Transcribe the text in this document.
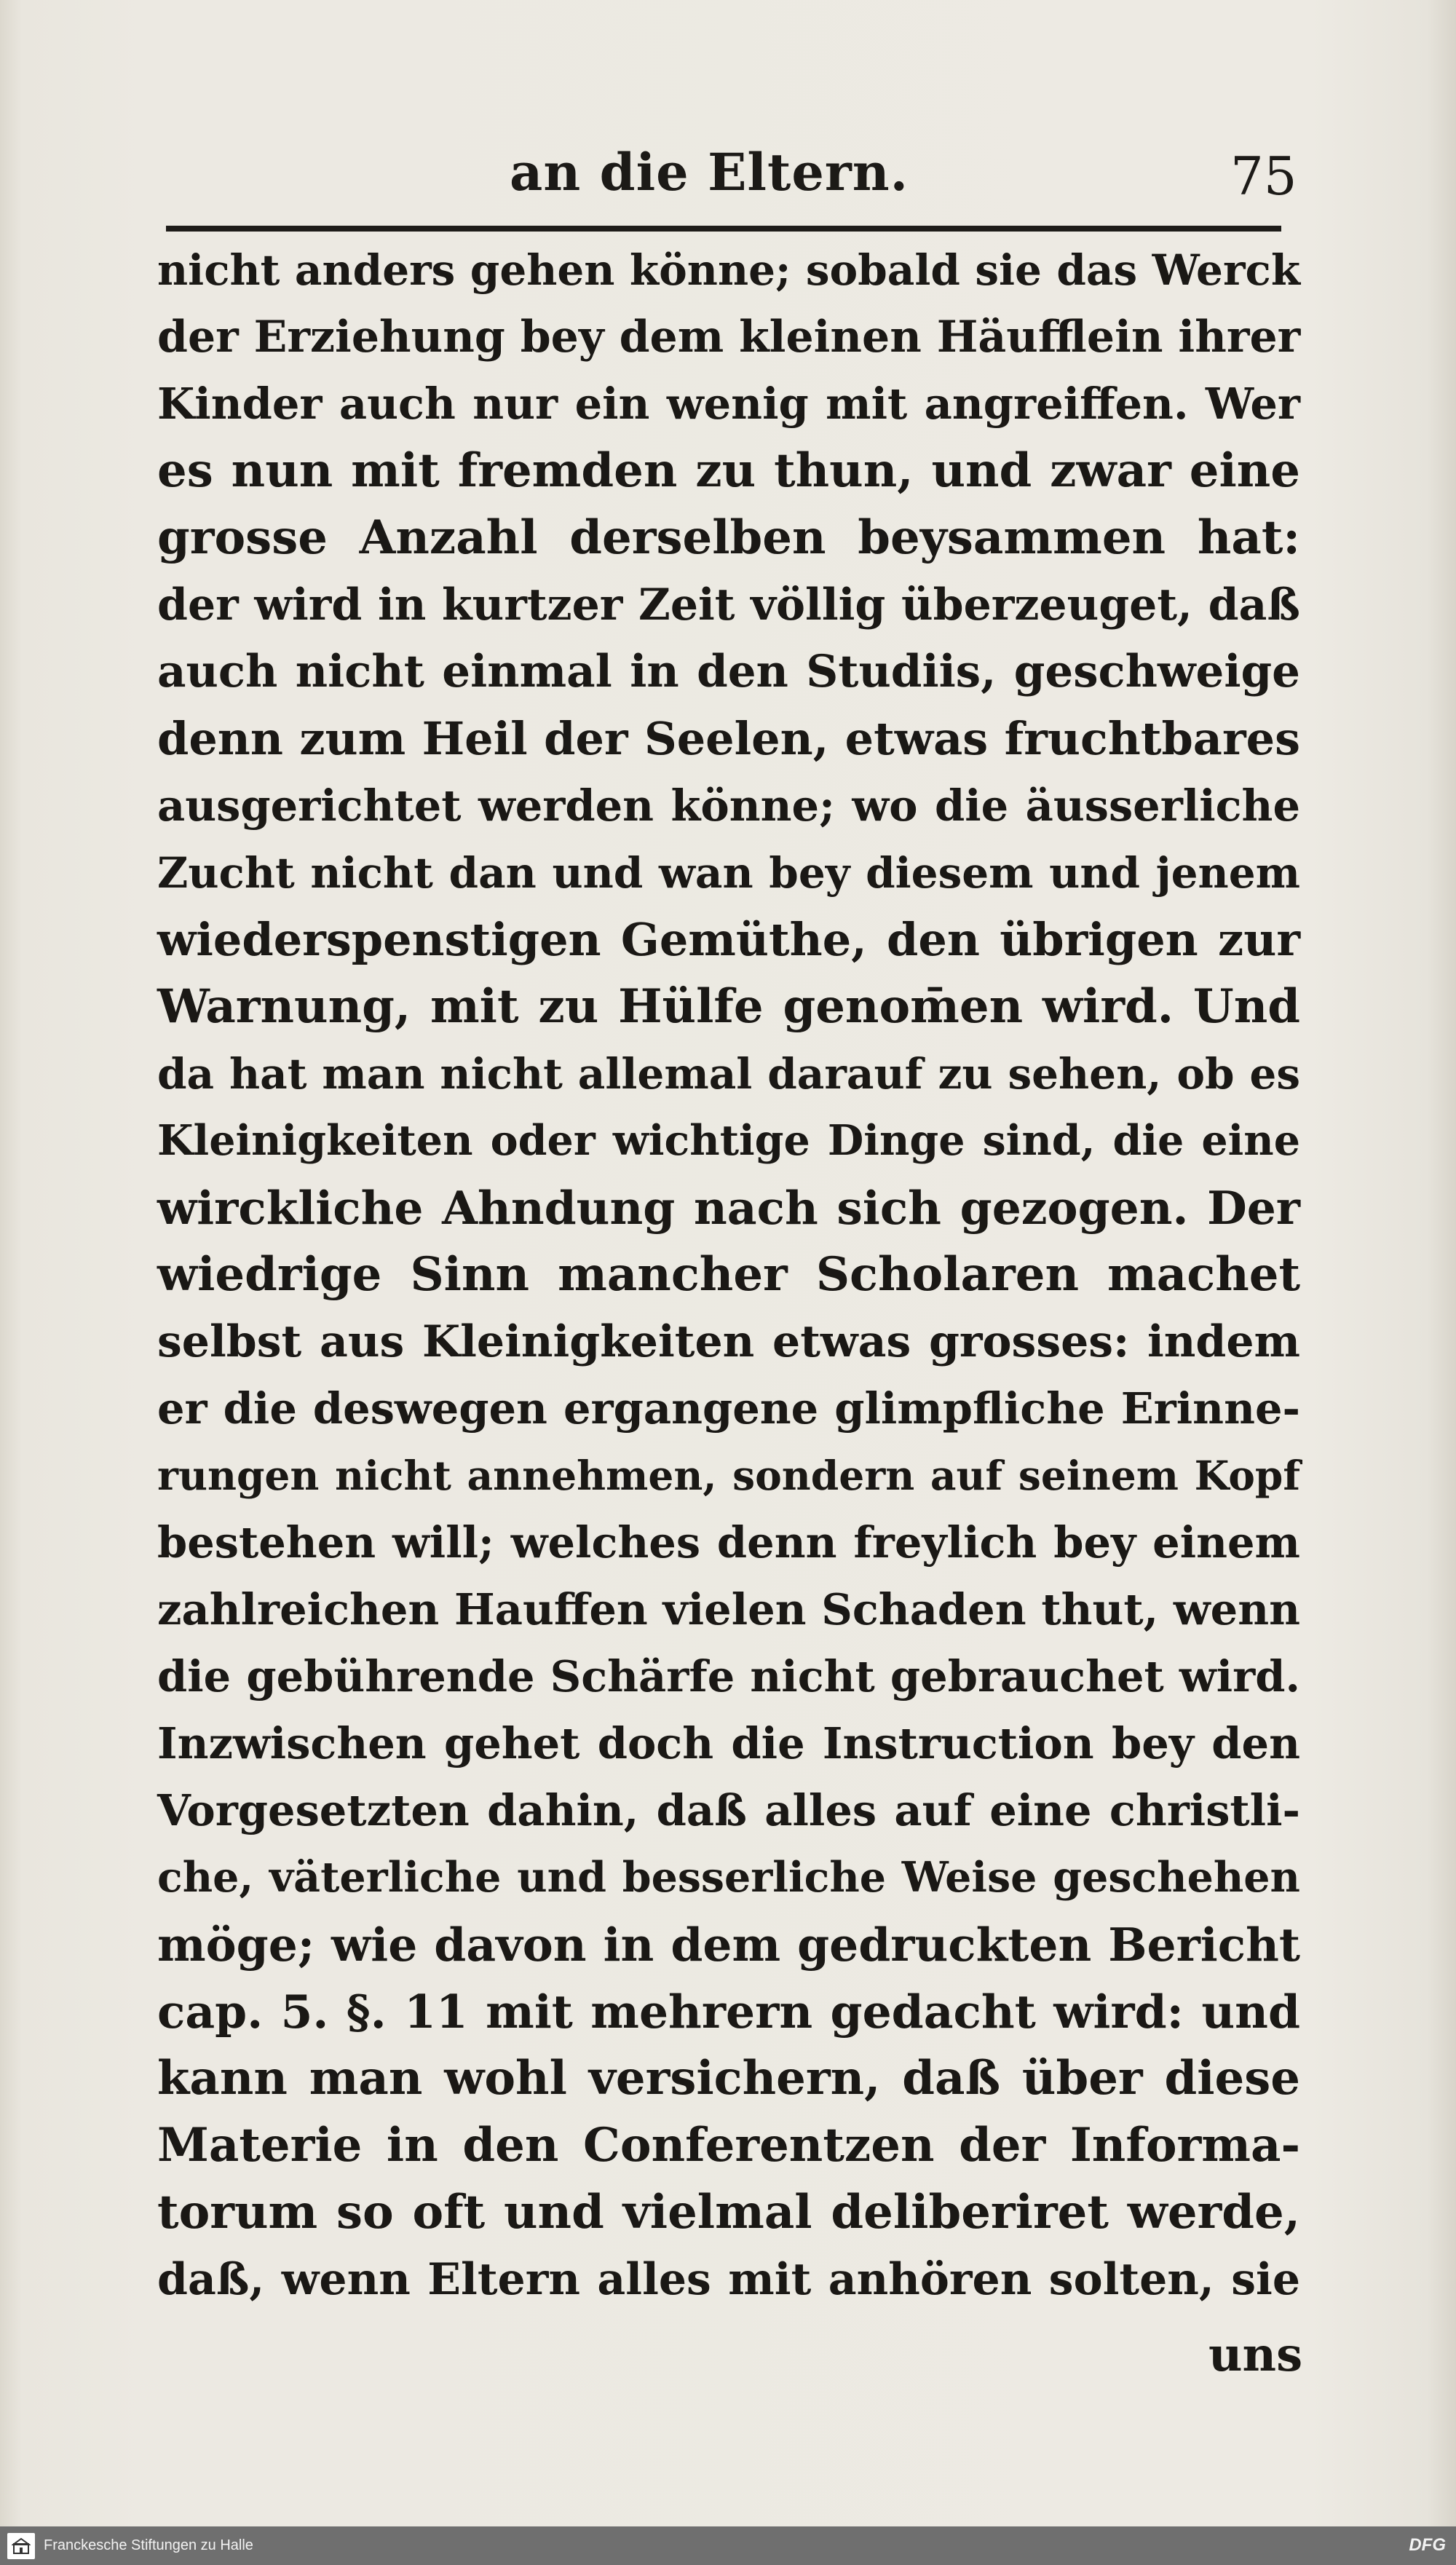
an die Eltern.	75
nicht anders gehen könne; sobald sie das Werck
der Erziehung bey dem kleinen Häufflein ihrer
Kinder auch nur ein wenig mit angreiffen. Wer
es nun mit fremden zu thun, und zwar eine
grosse Anzahl derselben beysammen hat:
der wird in kurtzer Zeit völlig überzeuget, daß
auch nicht einmal in den Studiis, geschweige
denn zum Heil der Seelen, etwas fruchtbares
ausgerichtet werden könne; wo die äusserliche
Zucht nicht dan und wan bey diesem und jenem
wiederspenstigen Gemüthe, den übrigen zur
Warnung, mit zu Hülfe genom̄en wird. Und
da hat man nicht allemal darauf zu sehen, ob es
Kleinigkeiten oder wichtige Dinge sind, die eine
wirckliche Ahndung nach sich gezogen. Der
wiedrige Sinn mancher Scholaren machet
selbst aus Kleinigkeiten etwas grosses: indem
er die deswegen ergangene glimpfliche Erinne-
rungen nicht annehmen, sondern auf seinem Kopf
bestehen will; welches denn freylich bey einem
zahlreichen Hauffen vielen Schaden thut, wenn
die gebührende Schärfe nicht gebrauchet wird.
Inzwischen gehet doch die Instruction bey den
Vorgesetzten dahin, daß alles auf eine christli-
che, väterliche und besserliche Weise geschehen
möge; wie davon in dem gedruckten Bericht
cap. 5. §. 11 mit mehrern gedacht wird: und
kann man wohl versichern, daß über diese
Materie in den Conferentzen der Informa-
torum so oft und vielmal deliberiret werde,
daß, wenn Eltern alles mit anhören solten, sie
uns
Franckesche Stiftungen zu Halle	DFG
